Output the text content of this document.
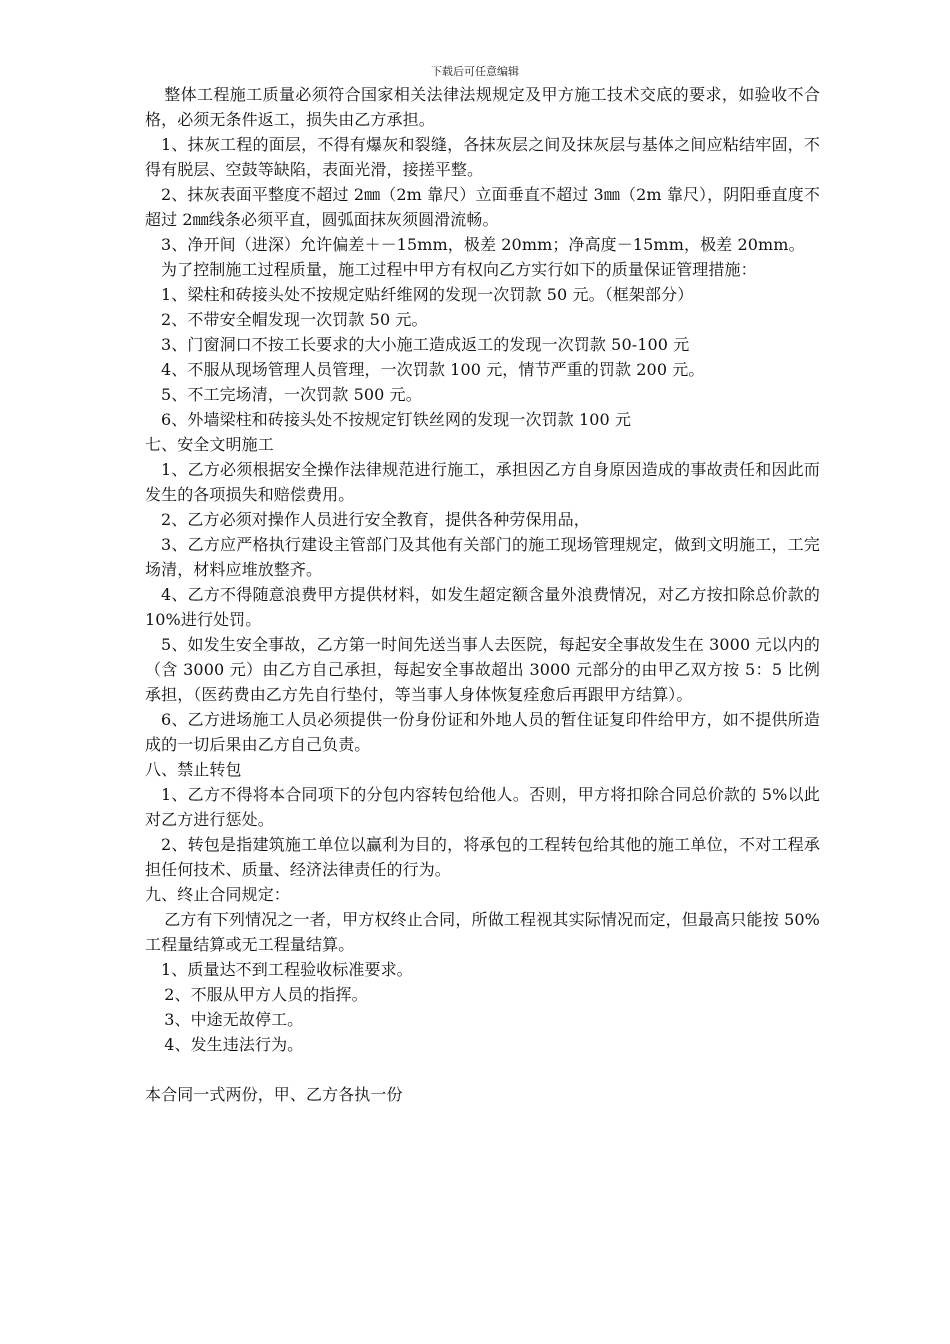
下载后可任意编辑

整体工程施工质量必须符合国家相关法律法规规定及甲方施工技术交底的要求，如验收不合格，必须无条件返工，损失由乙方承担。

1、抹灰工程的面层，不得有爆灰和裂缝，各抹灰层之间及抹灰层与基体之间应粘结牢固，不得有脱层、空鼓等缺陷，表面光滑，接搓平整。

2、抹灰表面平整度不超过 2㎜（2m 靠尺）立面垂直不超过 3㎜（2m 靠尺），阴阳垂直度不超过 2㎜线条必须平直，圆弧面抹灰须圆滑流畅。

3、净开间（进深）允许偏差＋－15mm，极差 20mm；净高度－15mm，极差 20mm。

为了控制施工过程质量，施工过程中甲方有权向乙方实行如下的质量保证管理措施：

1、梁柱和砖接头处不按规定贴纤维网的发现一次罚款 50 元。（框架部分）

2、不带安全帽发现一次罚款 50 元。

3、门窗洞口不按工长要求的大小施工造成返工的发现一次罚款 50-100 元

4、不服从现场管理人员管理，一次罚款 100 元，情节严重的罚款 200 元。

5、不工完场清，一次罚款 500 元。

6、外墙梁柱和砖接头处不按规定钉铁丝网的发现一次罚款 100 元

七、安全文明施工

1、乙方必须根据安全操作法律规范进行施工，承担因乙方自身原因造成的事故责任和因此而发生的各项损失和赔偿费用。

2、乙方必须对操作人员进行安全教育，提供各种劳保用品，

3、乙方应严格执行建设主管部门及其他有关部门的施工现场管理规定，做到文明施工，工完场清，材料应堆放整齐。

4、乙方不得随意浪费甲方提供材料，如发生超定额含量外浪费情况，对乙方按扣除总价款的 10%进行处罚。

5、如发生安全事故，乙方第一时间先送当事人去医院，每起安全事故发生在 3000 元以内的（含 3000 元）由乙方自己承担，每起安全事故超出 3000 元部分的由甲乙双方按 5：5 比例承担，（医药费由乙方先自行垫付，等当事人身体恢复痊愈后再跟甲方结算）。

6、乙方进场施工人员必须提供一份身份证和外地人员的暂住证复印件给甲方，如不提供所造成的一切后果由乙方自己负责。

八、禁止转包

1、乙方不得将本合同项下的分包内容转包给他人。否则，甲方将扣除合同总价款的 5%以此对乙方进行惩处。

2、转包是指建筑施工单位以赢利为目的，将承包的工程转包给其他的施工单位，不对工程承担任何技术、质量、经济法律责任的行为。

九、终止合同规定：

乙方有下列情况之一者，甲方权终止合同，所做工程视其实际情况而定，但最高只能按 50%工程量结算或无工程量结算。

1、质量达不到工程验收标准要求。

2、不服从甲方人员的指挥。

3、中途无故停工。

4、发生违法行为。

本合同一式两份，甲、乙方各执一份
